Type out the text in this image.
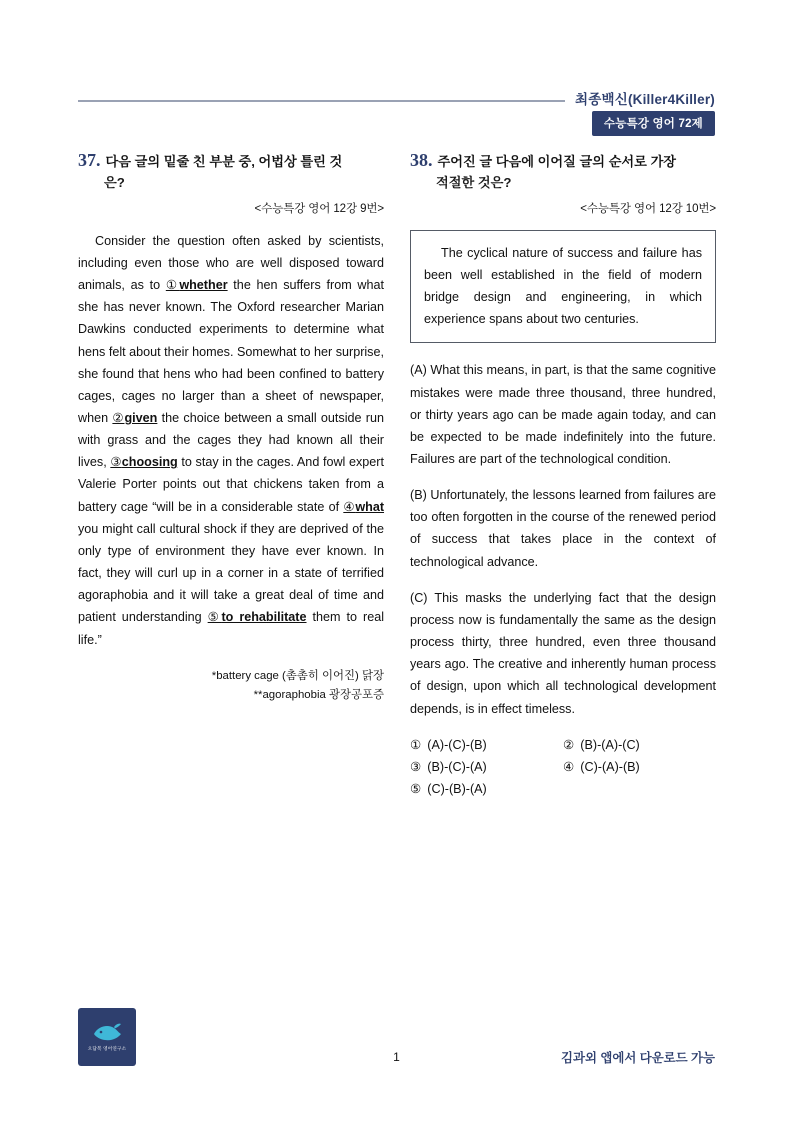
최종백신(Killer4Killer)
수능특강 영어 72제
37. 다음 글의 밑줄 친 부분 중, 어법상 틀린 것
은?
<수능특강 영어 12강 9번>
Consider the question often asked by scientists, including even those who are well disposed toward animals, as to ①whether the hen suffers from what she has never known. The Oxford researcher Marian Dawkins conducted experiments to determine what hens felt about their homes. Somewhat to her surprise, she found that hens who had been confined to battery cages, cages no larger than a sheet of newspaper, when ②given the choice between a small outside run with grass and the cages they had known all their lives, ③choosing to stay in the cages. And fowl expert Valerie Porter points out that chickens taken from a battery cage “will be in a considerable state of ④what you might call cultural shock if they are deprived of the only type of environment they have ever known. In fact, they will curl up in a corner in a state of terrified agoraphobia and it will take a great deal of time and patient understanding ⑤to rehabilitate them to real life.”
*battery cage (촘촘히 이어진) 닭장
**agoraphobia 광장공포증
38. 주어진 글 다음에 이어질 글의 순서로 가장
적절한 것은?
<수능특강 영어 12강 10번>
The cyclical nature of success and failure has been well established in the field of modern bridge design and engineering, in which experience spans about two centuries.
(A) What this means, in part, is that the same cognitive mistakes were made three thousand, three hundred, or thirty years ago can be made again today, and can be expected to be made indefinitely into the future. Failures are part of the technological condition.
(B) Unfortunately, the lessons learned from failures are too often forgotten in the course of the renewed period of success that takes place in the context of technological advance.
(C) This masks the underlying fact that the design process now is fundamentally the same as the design process thirty, three hundred, even three thousand years ago. The creative and inherently human process of design, upon which all technological development depends, is in effect timeless.
① (A)-(C)-(B)	② (B)-(A)-(C)
③ (B)-(C)-(A)	④ (C)-(A)-(B)
⑤ (C)-(B)-(A)
오답복 영어연구소
1	김과외 앱에서 다운로드 가능
